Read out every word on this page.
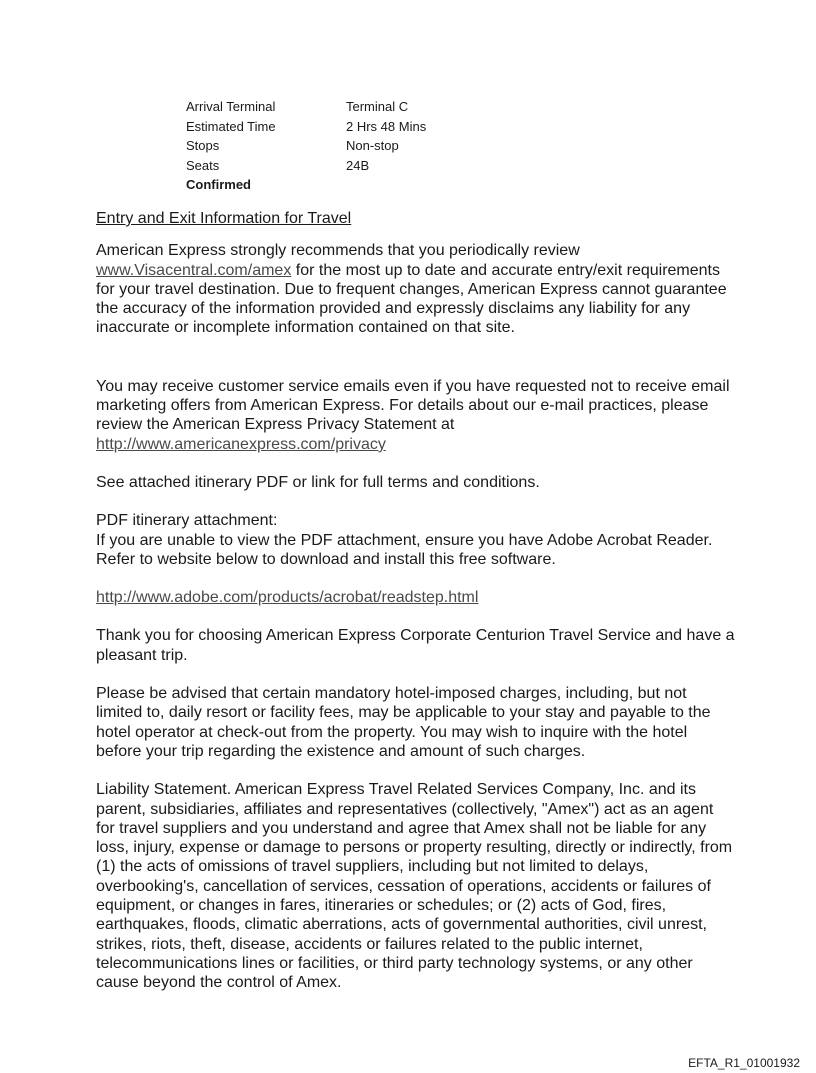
Arrival Terminal	Terminal C
Estimated Time	2 Hrs 48 Mins
Stops	Non-stop
Seats	24B
Confirmed
Entry and Exit Information for Travel

American Express strongly recommends that you periodically review www.Visacentral.com/amex for the most up to date and accurate entry/exit requirements for your travel destination. Due to frequent changes, American Express cannot guarantee the accuracy of the information provided and expressly disclaims any liability for any inaccurate or incomplete information contained on that site.

You may receive customer service emails even if you have requested not to receive email marketing offers from American Express. For details about our e-mail practices, please review the American Express Privacy Statement at
http://www.americanexpress.com/privacy

See attached itinerary PDF or link for full terms and conditions.

PDF itinerary attachment:
If you are unable to view the PDF attachment, ensure you have Adobe Acrobat Reader. Refer to website below to download and install this free software.

http://www.adobe.com/products/acrobat/readstep.html

Thank you for choosing American Express Corporate Centurion Travel Service and have a pleasant trip.

Please be advised that certain mandatory hotel-imposed charges, including, but not limited to, daily resort or facility fees, may be applicable to your stay and payable to the hotel operator at check-out from the property. You may wish to inquire with the hotel before your trip regarding the existence and amount of such charges.

Liability Statement. American Express Travel Related Services Company, Inc. and its parent, subsidiaries, affiliates and representatives (collectively, "Amex") act as an agent for travel suppliers and you understand and agree that Amex shall not be liable for any loss, injury, expense or damage to persons or property resulting, directly or indirectly, from (1) the acts of omissions of travel suppliers, including but not limited to delays, overbooking's, cancellation of services, cessation of operations, accidents or failures of equipment, or changes in fares, itineraries or schedules; or (2) acts of God, fires, earthquakes, floods, climatic aberrations, acts of governmental authorities, civil unrest, strikes, riots, theft, disease, accidents or failures related to the public internet, telecommunications lines or facilities, or third party technology systems, or any other cause beyond the control of Amex.

EFTA_R1_01001932
